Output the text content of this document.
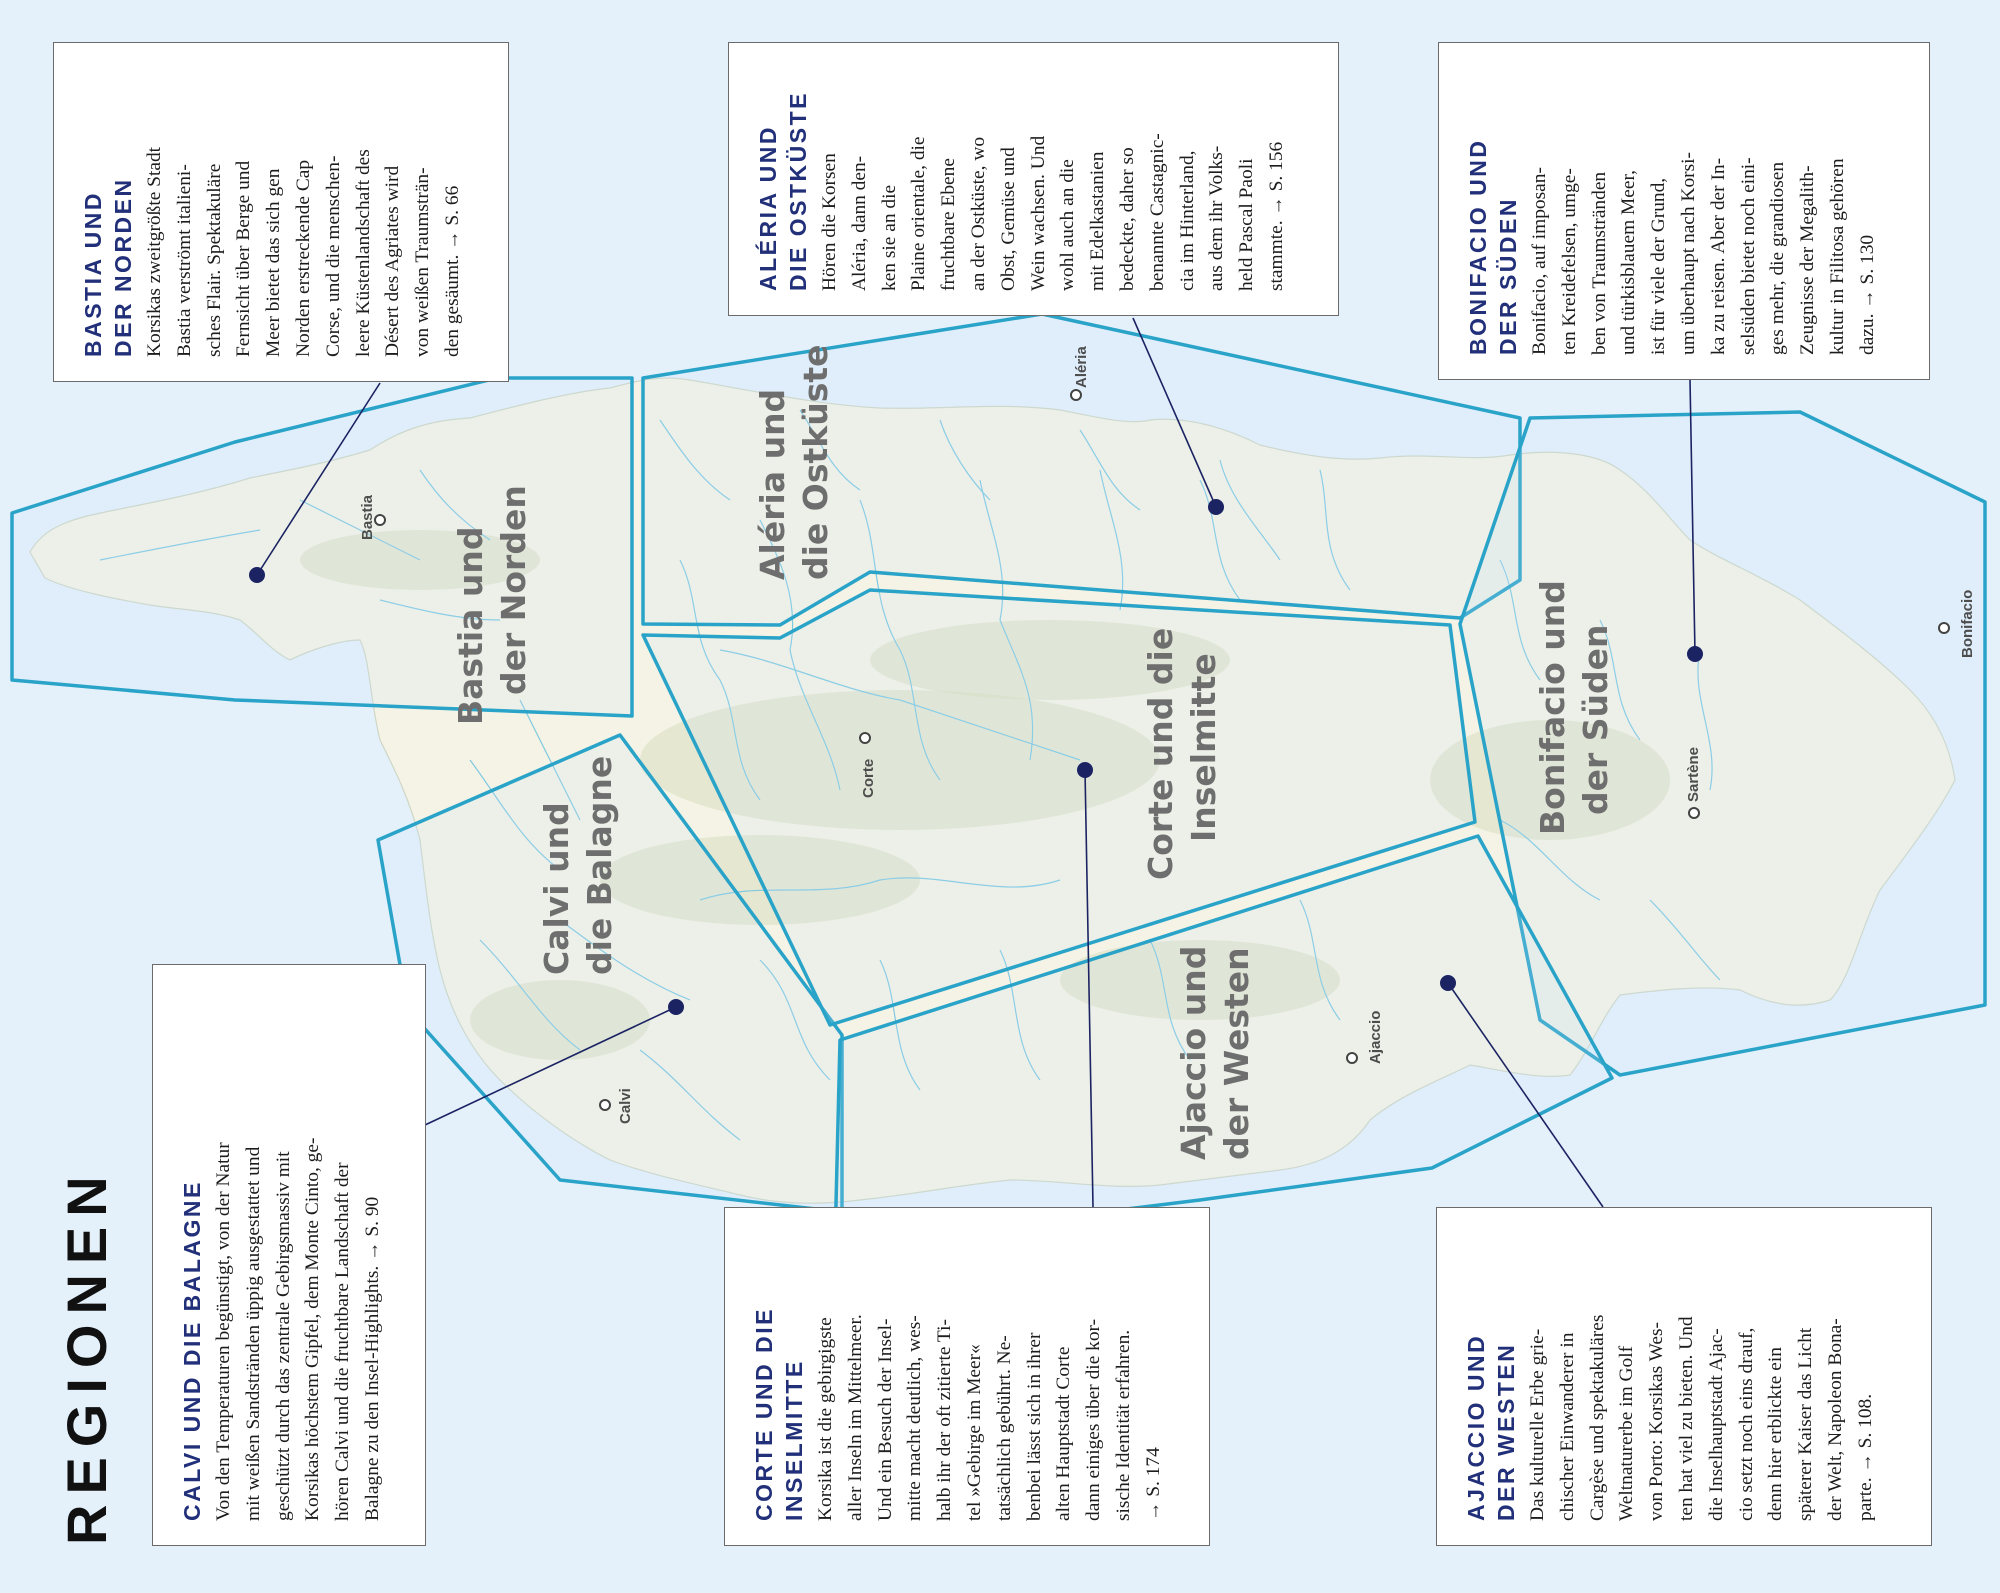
Bastia und der Norden
Aléria und die Ostküste
Bonifacio und der Süden
Calvi und die Balagne	Corte und die Inselmitte
Ajaccio und der Westen
Bastia
Aléria
Bonifacio
Sartène
Corte
Calvi
Ajaccio
BASTIA UND
DER NORDEN

Korsikas zweitgrößte Stadt
Bastia verströmt italieni-
sches Flair. Spektakuläre
Fernsicht über Berge und
Meer bietet das sich gen
Norden erstreckende Cap
Corse, und die menschen-
leere Küstenlandschaft des
Désert des Agriates wird
von weißen Traumsträn-
den gesäumt. → S. 66	ALÉRIA UND
DIE OSTKÜSTE

Hören die Korsen
Aléria, dann den-
ken sie an die
Plaine orientale, die
fruchtbare Ebene
an der Ostküste, wo
Obst, Gemüse und
Wein wachsen. Und
wohl auch an die
mit Edelkastanien
bedeckte, daher so
benannte Castagnic-
cia im Hinterland,
aus dem ihr Volks-
held Pascal Paoli
stammte. → S. 156

BONIFACIO UND
DER SÜDEN

Bonifacio, auf imposan-
ten Kreidefelsen, umge-
ben von Traumstränden
und türkisblauem Meer,
ist für viele der Grund,
um überhaupt nach Korsi-
ka zu reisen. Aber der In-
selsüden bietet noch eini-
ges mehr, die grandiosen
Zeugnisse der Megalith-
kultur in Filitosa gehören
dazu. → S. 130

CALVI UND DIE BALAGNE Von den Temperaturen begünstigt, von der Natur
mit weißen Sandstränden üppig ausgestattet und
geschützt durch das zentrale Gebirgsmassiv mit
Korsikas höchstem Gipfel, dem Monte Cinto, ge-
hören Calvi und die fruchtbare Landschaft der
Balagne zu den Insel-Highlights. → S. 90

CORTE UND DIE
INSELMITTE Korsika ist die gebirgigste
aller Inseln im Mittelmeer.
Und ein Besuch der Insel-
mitte macht deutlich, wes-
halb ihr der oft zitierte Ti-
tel »Gebirge im Meer«
tatsächlich gebührt. Ne-
benbei lässt sich in ihrer
alten Hauptstadt Corte
dann einiges über die kor-
sische Identität erfahren.
→ S. 174	AJACCIO UND
DER WESTEN

Das kulturelle Erbe grie-
chischer Einwanderer in
Cargèse und spektakuläres
Weltnaturerbe im Golf
von Porto: Korsikas Wes-
ten hat viel zu bieten. Und
die Inselhauptstadt Ajac-
cio setzt noch eins drauf,
denn hier erblickte ein
späterer Kaiser das Licht
der Welt, Napoleon Bona-
parte. → S. 108.

REGIONEN
